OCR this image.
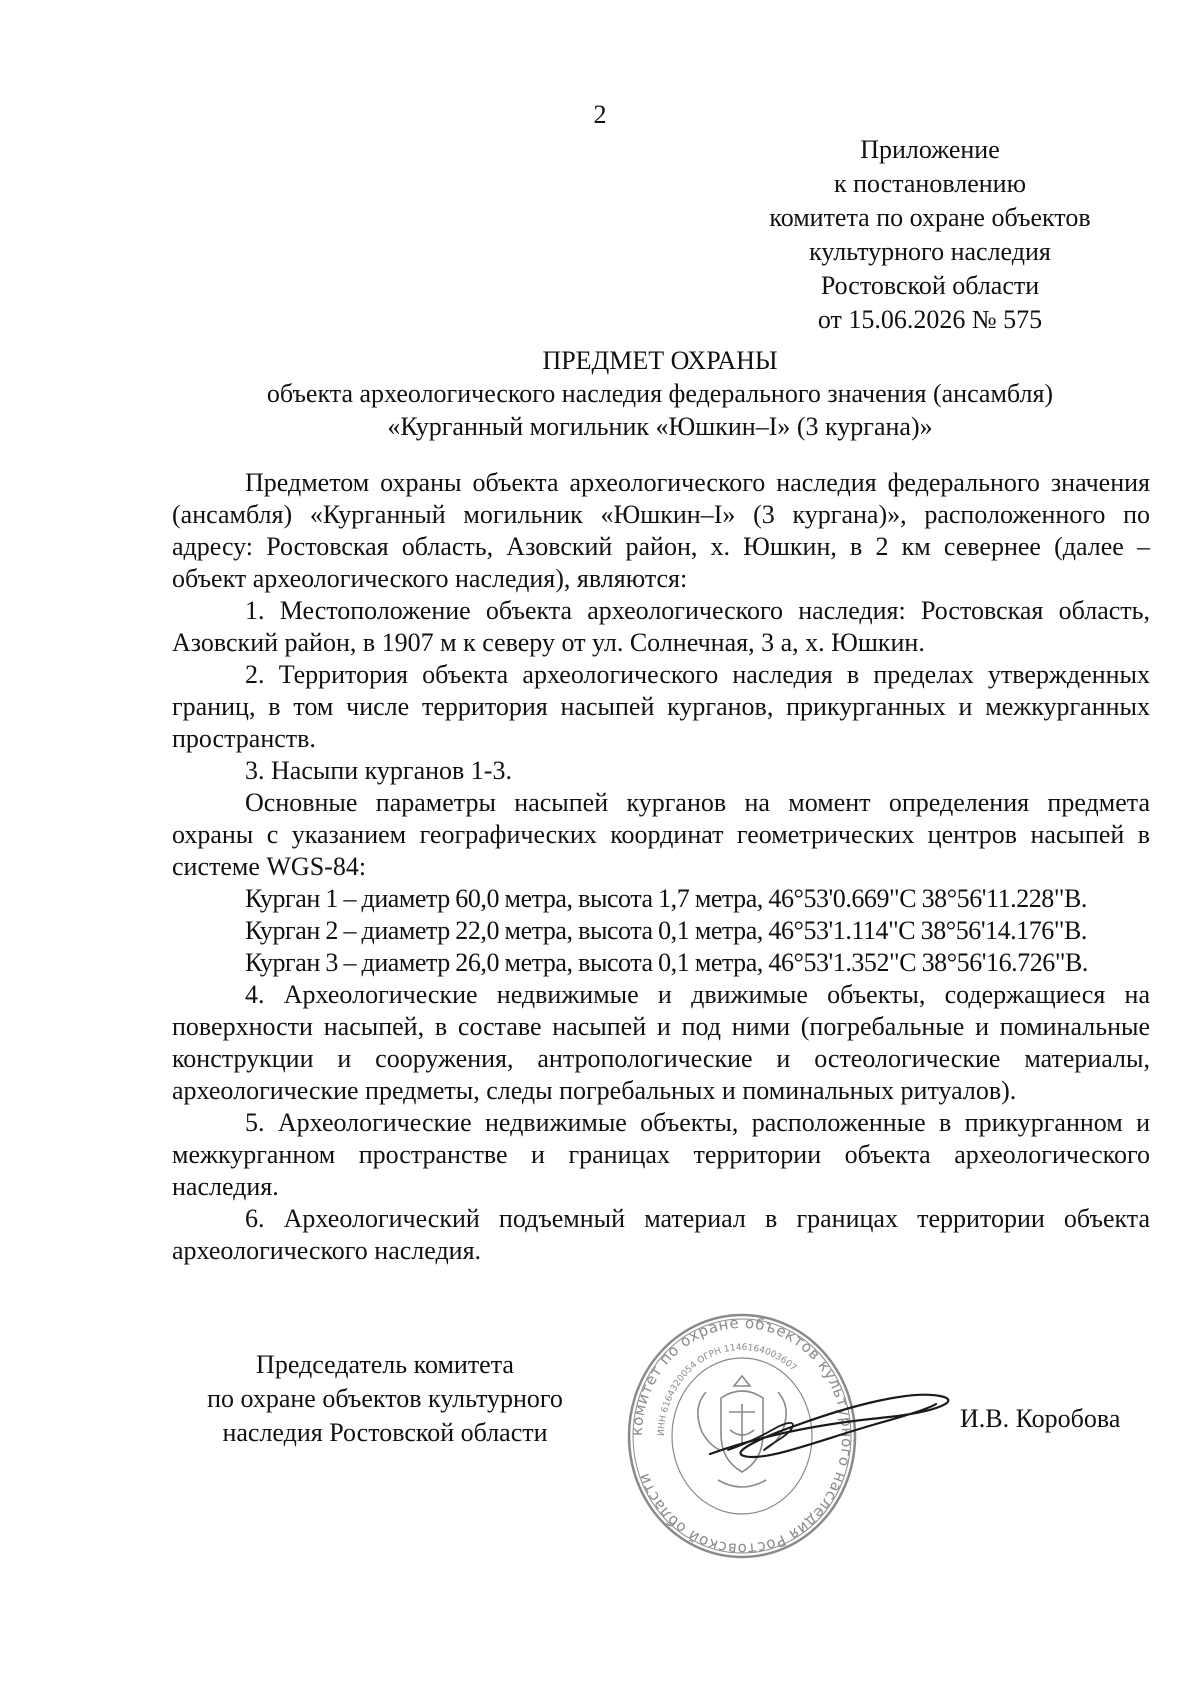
2
Приложение
к постановлению
комитета по охране объектов
культурного наследия
Ростовской области
от 15.06.2026 № 575
ПРЕДМЕТ ОХРАНЫ
объекта археологического наследия федерального значения (ансамбля)
«Курганный могильник «Юшкин–I» (3 кургана)»

Предметом охраны объекта археологического наследия федерального значения (ансамбля) «Курганный могильник «Юшкин–I» (3 кургана)», расположенного по адресу: Ростовская область, Азовский район, х. Юшкин, в 2 км севернее (далее – объект археологического наследия), являются:

1. Местоположение объекта археологического наследия: Ростовская область, Азовский район, в 1907 м к северу от ул. Солнечная, 3 а, х. Юшкин.

2. Территория объекта археологического наследия в пределах утвержденных границ, в том числе территория насыпей курганов, прикурганных и межкурганных пространств.

3. Насыпи курганов 1-3.

Основные параметры насыпей курганов на момент определения предмета охраны с указанием географических координат геометрических центров насыпей в системе WGS-84:

Курган 1 – диаметр 60,0 метра, высота 1,7 метра, 46°53'0.669"С 38°56'11.228"В.

Курган 2 – диаметр 22,0 метра, высота 0,1 метра, 46°53'1.114"С 38°56'14.176"В.

Курган 3 – диаметр 26,0 метра, высота 0,1 метра, 46°53'1.352"С 38°56'16.726"В.

4. Археологические недвижимые и движимые объекты, содержащиеся на поверхности насыпей, в составе насыпей и под ними (погребальные и поминальные конструкции и сооружения, антропологические и остеологические материалы, археологические предметы, следы погребальных и поминальных ритуалов).

5. Археологические недвижимые объекты, расположенные в прикурганном и межкурганном пространстве и границах территории объекта археологического наследия.

6. Археологический подъемный материал в границах территории объекта археологического наследия.

Председатель комитета
по охране объектов культурного
наследия Ростовской области	комитет по охране объектов культурного наследия Ростовской области
ИНН 6164320054 ОГРН 1146164003607
И.В. Коробова
